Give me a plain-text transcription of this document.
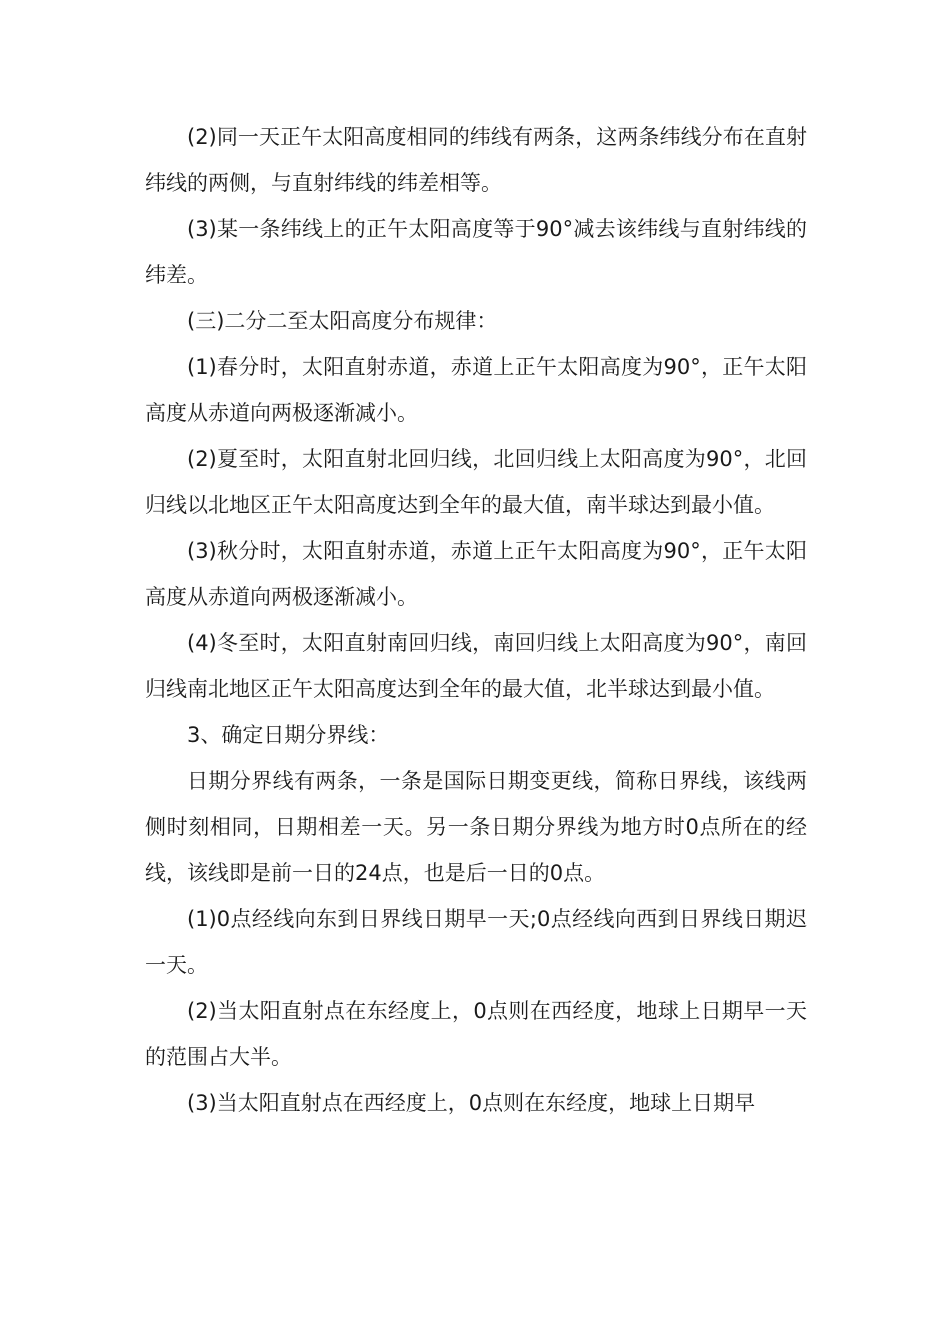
(2)同一天正午太阳高度相同的纬线有两条，这两条纬线分布在直射纬线的两侧，与直射纬线的纬差相等。

(3)某一条纬线上的正午太阳高度等于90°减去该纬线与直射纬线的纬差。

(三)二分二至太阳高度分布规律：

(1)春分时，太阳直射赤道，赤道上正午太阳高度为90°，正午太阳高度从赤道向两极逐渐减小。

(2)夏至时，太阳直射北回归线，北回归线上太阳高度为90°，北回归线以北地区正午太阳高度达到全年的最大值，南半球达到最小值。

(3)秋分时，太阳直射赤道，赤道上正午太阳高度为90°，正午太阳高度从赤道向两极逐渐减小。

(4)冬至时，太阳直射南回归线，南回归线上太阳高度为90°，南回归线南北地区正午太阳高度达到全年的最大值，北半球达到最小值。

3、确定日期分界线：

日期分界线有两条，一条是国际日期变更线，简称日界线，该线两侧时刻相同，日期相差一天。另一条日期分界线为地方时0点所在的经线，该线即是前一日的24点，也是后一日的0点。

(1)0点经线向东到日界线日期早一天;0点经线向西到日界线日期迟一天。

(2)当太阳直射点在东经度上，0点则在西经度，地球上日期早一天的范围占大半。

(3)当太阳直射点在西经度上，0点则在东经度，地球上日期早
